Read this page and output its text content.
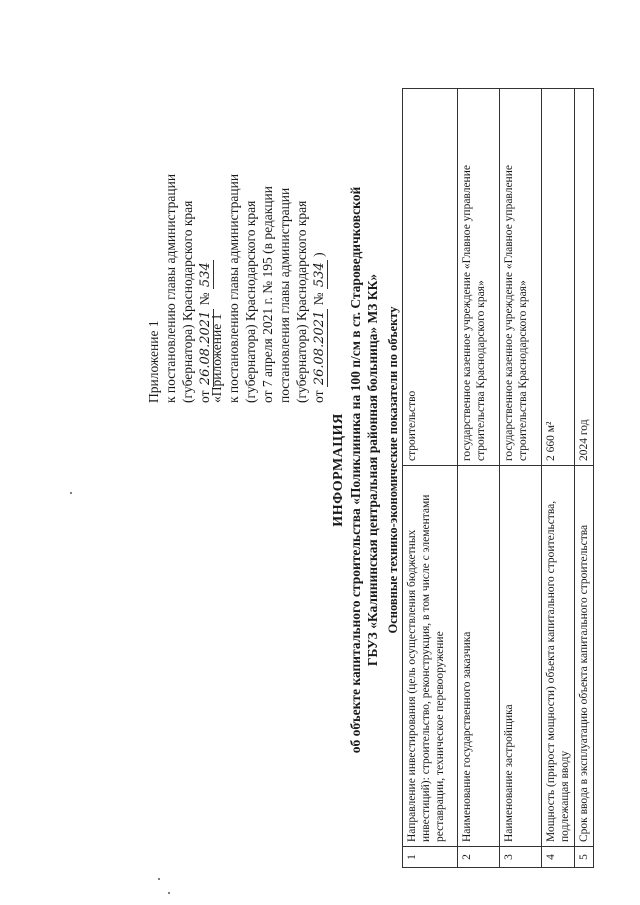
Приложение 1 к постановлению главы администрации (губернатора) Краснодарского края от 26.08.2021 № 534
«Приложение 1 к постановлению главы администрации (губернатора) Краснодарского края от 7 апреля 2021 г. № 195 (в редакции постановления главы администрации (губернатора) Краснодарского края от 26.08.2021 № 534 )
ИНФОРМАЦИЯ об объекте капитального строительства «Поликлиника на 100 п/см в ст. Староведичковской ГБУЗ «Калининская центральная районная больница» МЗ КК» Основные технико-экономические показатели по объекту
1	Направление инвестирования (цель осуществления бюджетных инвестиций): строительство, реконструкция, в том числе с элементами реставрации, техническое перевооружение	строительство
2	Наименование государственного заказчика	государственное казенное учреждение «Главное управление строительства Краснодарского края»
3	Наименование застройщика	государственное казенное учреждение «Главное управление строительства Краснодарского края»
4	Мощность (прирост мощности) объекта капитального строительства, подлежащая вводу	2 660 м²
5	Срок ввода в эксплуатацию объекта капитального строительства	2024 год
